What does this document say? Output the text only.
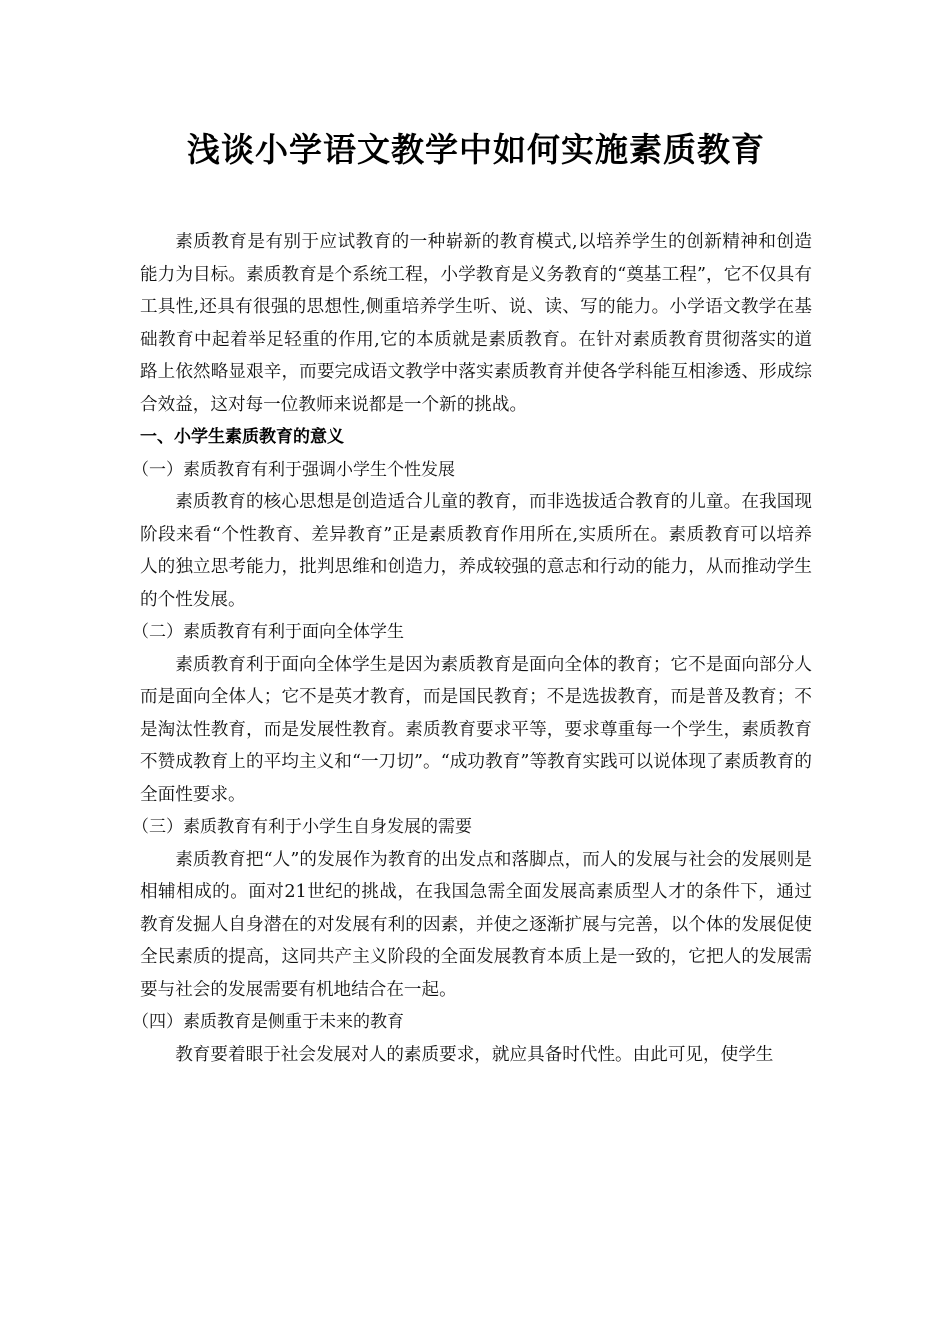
浅谈小学语文教学中如何实施素质教育

素质教育是有别于应试教育的一种崭新的教育模式,以培养学生的创新精神和创造能力为目标。素质教育是个系统工程，小学教育是义务教育的“奠基工程”，它不仅具有工具性,还具有很强的思想性,侧重培养学生听、说、读、写的能力。小学语文教学在基础教育中起着举足轻重的作用,它的本质就是素质教育。在针对素质教育贯彻落实的道路上依然略显艰辛，而要完成语文教学中落实素质教育并使各学科能互相渗透、形成综合效益，这对每一位教师来说都是一个新的挑战。

一、小学生素质教育的意义

（一）素质教育有利于强调小学生个性发展

素质教育的核心思想是创造适合儿童的教育，而非选拔适合教育的儿童。在我国现阶段来看“个性教育、差异教育”正是素质教育作用所在,实质所在。素质教育可以培养人的独立思考能力，批判思维和创造力，养成较强的意志和行动的能力，从而推动学生的个性发展。

（二）素质教育有利于面向全体学生

素质教育利于面向全体学生是因为素质教育是面向全体的教育；它不是面向部分人而是面向全体人；它不是英才教育，而是国民教育；不是选拔教育，而是普及教育；不是淘汰性教育，而是发展性教育。素质教育要求平等，要求尊重每一个学生，素质教育不赞成教育上的平均主义和“一刀切”。“成功教育”等教育实践可以说体现了素质教育的全面性要求。

（三）素质教育有利于小学生自身发展的需要

素质教育把“人”的发展作为教育的出发点和落脚点，而人的发展与社会的发展则是相辅相成的。面对21世纪的挑战，在我国急需全面发展高素质型人才的条件下，通过教育发掘人自身潜在的对发展有利的因素，并使之逐渐扩展与完善，以个体的发展促使全民素质的提高，这同共产主义阶段的全面发展教育本质上是一致的，它把人的发展需要与社会的发展需要有机地结合在一起。

（四）素质教育是侧重于未来的教育

教育要着眼于社会发展对人的素质要求，就应具备时代性。由此可见，使学生
